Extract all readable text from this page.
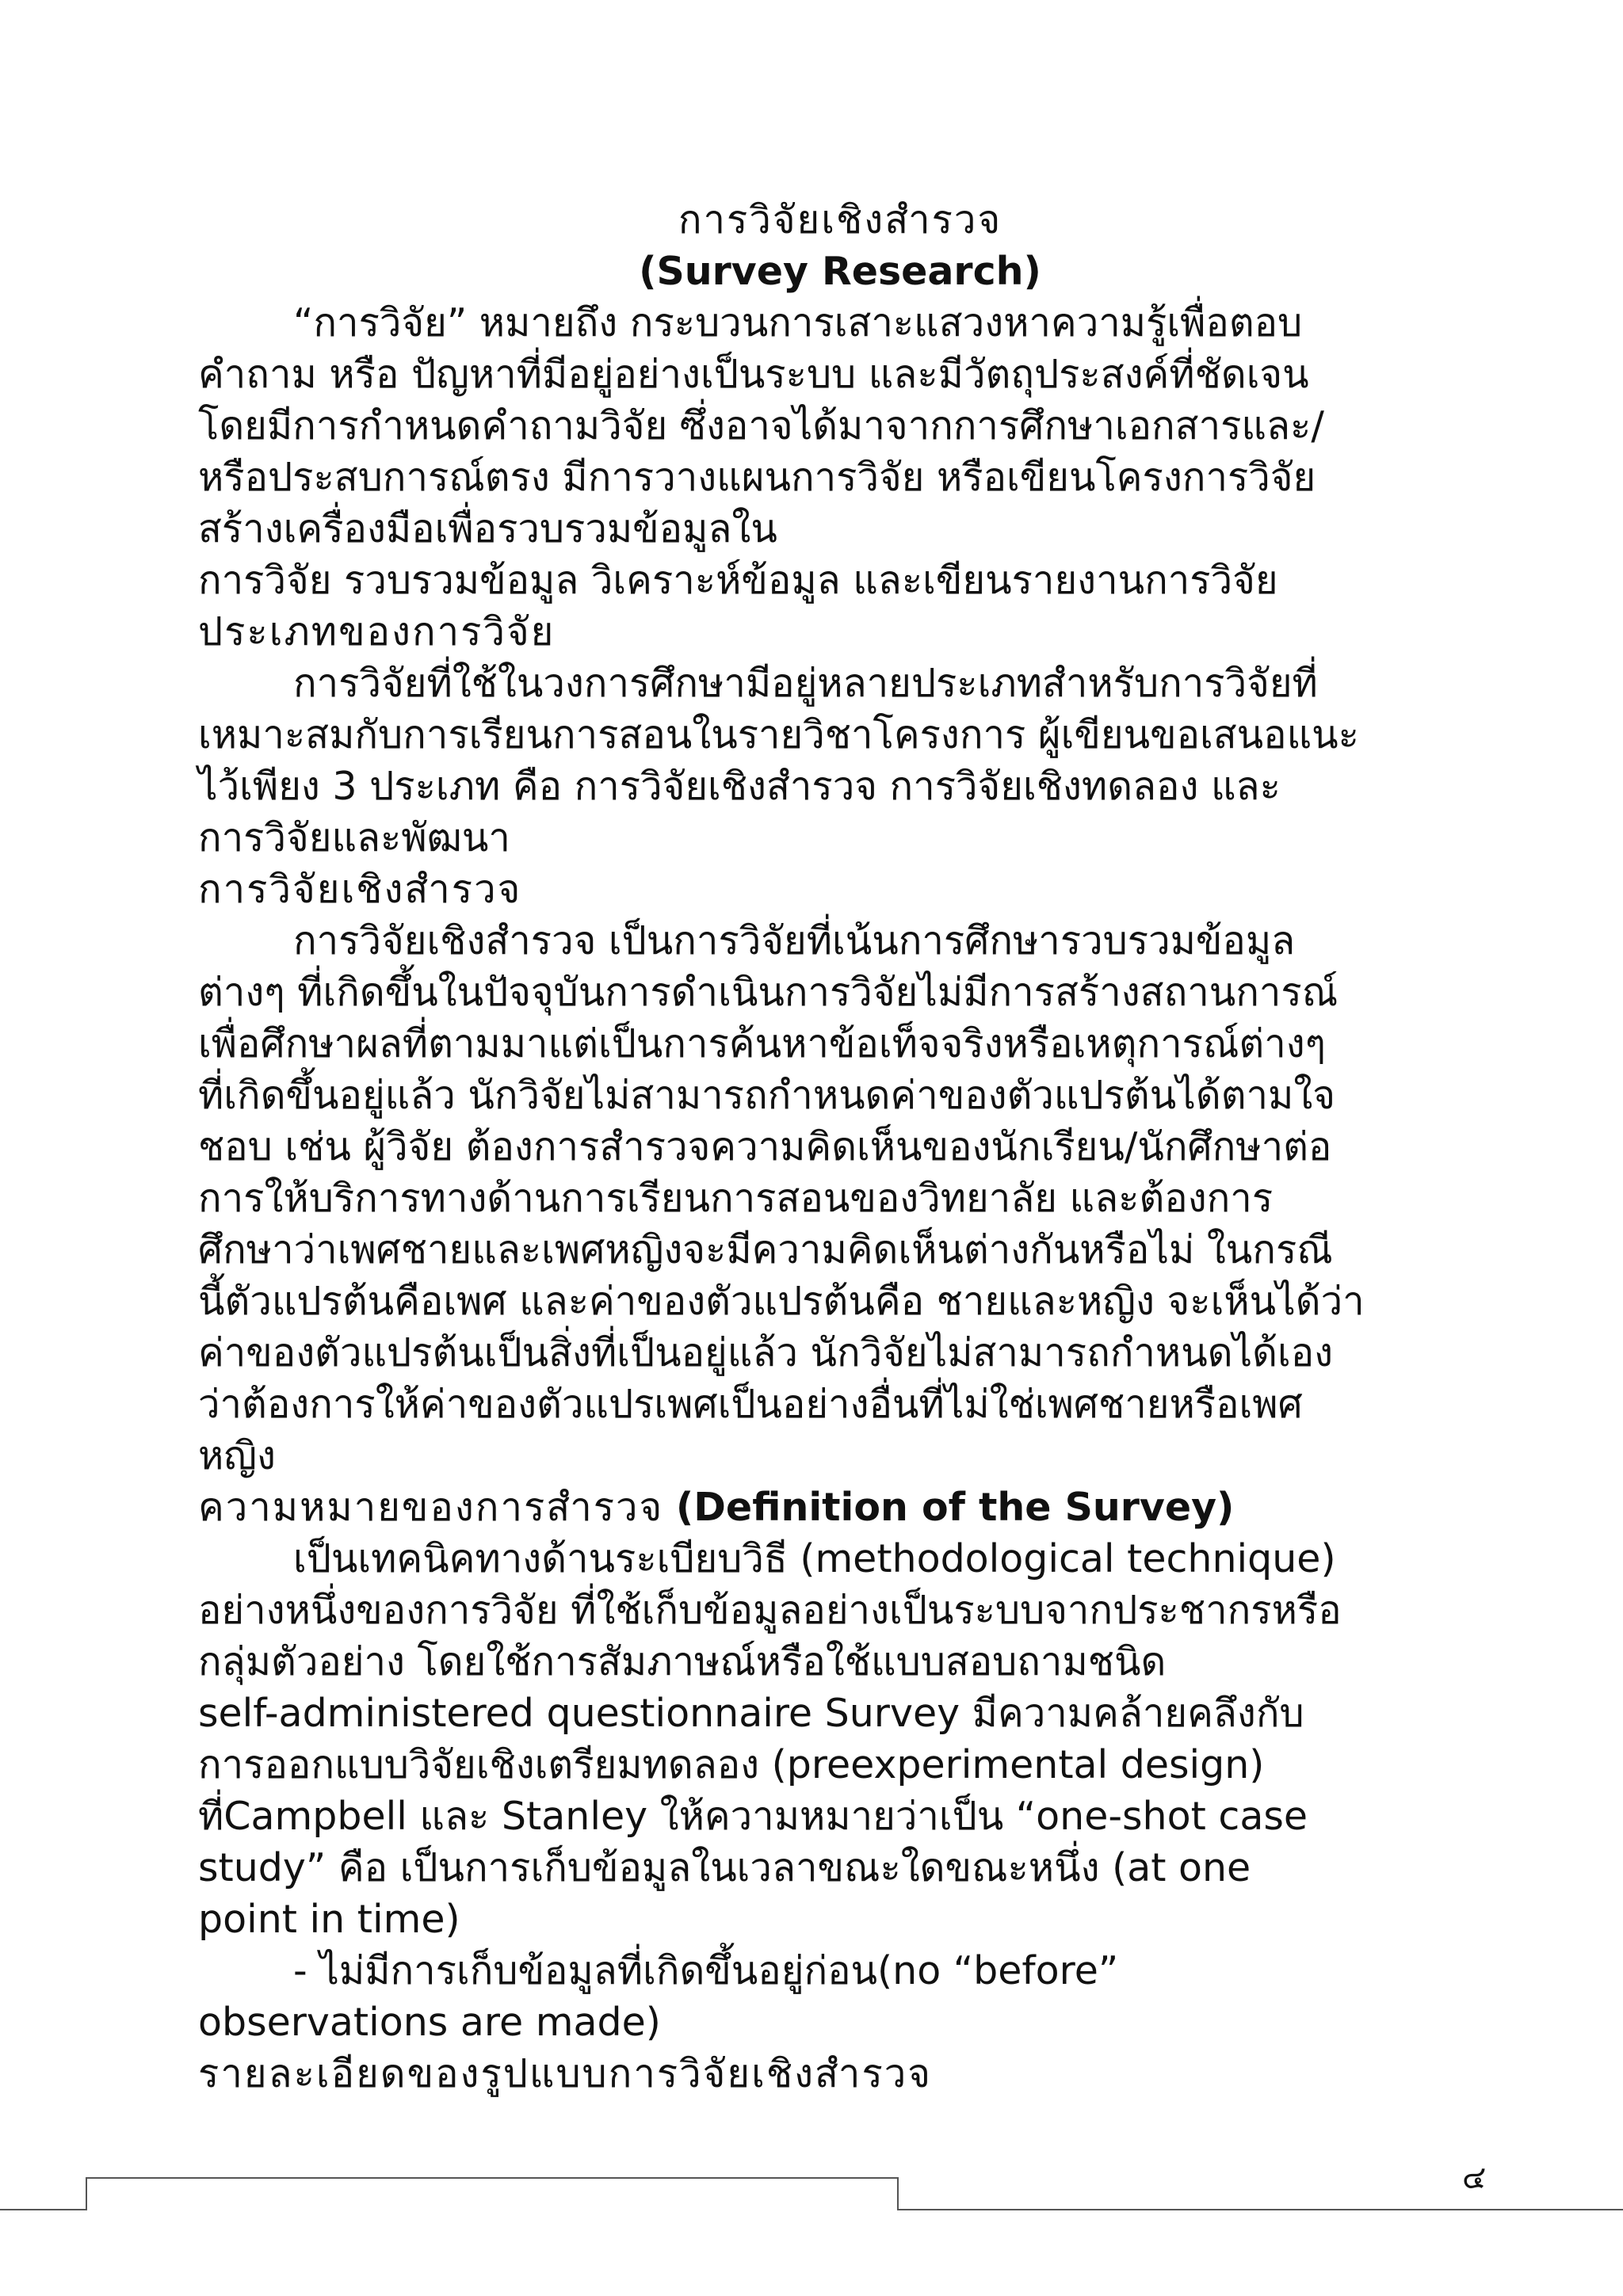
การวิจัยเชิงสำรวจ
(Survey Research)
“การวิจัย” หมายถึง กระบวนการเสาะแสวงหาความรู้เพื่อตอบ
คำถาม หรือ ปัญหาที่มีอยู่อย่างเป็นระบบ และมีวัตถุประสงค์ที่ชัดเจน
โดยมีการกำหนดคำถามวิจัย ซึ่งอาจได้มาจากการศึกษาเอกสารและ/
หรือประสบการณ์ตรง มีการวางแผนการวิจัย หรือเขียนโครงการวิจัย
สร้างเครื่องมือเพื่อรวบรวมข้อมูลใน
การวิจัย รวบรวมข้อมูล วิเคราะห์ข้อมูล และเขียนรายงานการวิจัย
ประเภทของการวิจัย
การวิจัยที่ใช้ในวงการศึกษามีอยู่หลายประเภทสำหรับการวิจัยที่
เหมาะสมกับการเรียนการสอนในรายวิชาโครงการ ผู้เขียนขอเสนอแนะ
ไว้เพียง 3 ประเภท คือ การวิจัยเชิงสำรวจ การวิจัยเชิงทดลอง และ
การวิจัยและพัฒนา
การวิจัยเชิงสำรวจ
การวิจัยเชิงสำรวจ เป็นการวิจัยที่เน้นการศึกษารวบรวมข้อมูล
ต่างๆ ที่เกิดขึ้นในปัจจุบันการดำเนินการวิจัยไม่มีการสร้างสถานการณ์
เพื่อศึกษาผลที่ตามมาแต่เป็นการค้นหาข้อเท็จจริงหรือเหตุการณ์ต่างๆ
ที่เกิดขึ้นอยู่แล้ว นักวิจัยไม่สามารถกำหนดค่าของตัวแปรต้นได้ตามใจ
ชอบ เช่น ผู้วิจัย ต้องการสำรวจความคิดเห็นของนักเรียน/นักศึกษาต่อ
การให้บริการทางด้านการเรียนการสอนของวิทยาลัย และต้องการ
ศึกษาว่าเพศชายและเพศหญิงจะมีความคิดเห็นต่างกันหรือไม่ ในกรณี
นี้ตัวแปรต้นคือเพศ และค่าของตัวแปรต้นคือ ชายและหญิง จะเห็นได้ว่า
ค่าของตัวแปรต้นเป็นสิ่งที่เป็นอยู่แล้ว นักวิจัยไม่สามารถกำหนดได้เอง
ว่าต้องการให้ค่าของตัวแปรเพศเป็นอย่างอื่นที่ไม่ใช่เพศชายหรือเพศ
หญิง
ความหมายของการสำรวจ (Definition of the Survey)
เป็นเทคนิคทางด้านระเบียบวิธี (methodological technique)
อย่างหนึ่งของการวิจัย ที่ใช้เก็บข้อมูลอย่างเป็นระบบจากประชากรหรือ
กลุ่มตัวอย่าง โดยใช้การสัมภาษณ์หรือใช้แบบสอบถามชนิด
self-administered questionnaire Survey มีความคล้ายคลึงกับ
การออกแบบวิจัยเชิงเตรียมทดลอง (preexperimental design)
ที่Campbell และ Stanley ให้ความหมายว่าเป็น “one-shot case
study” คือ เป็นการเก็บข้อมูลในเวลาขณะใดขณะหนึ่ง (at one
point in time)
- ไม่มีการเก็บข้อมูลที่เกิดขึ้นอยู่ก่อน(no “before”
observations are made)
รายละเอียดของรูปแบบการวิจัยเชิงสำรวจ
๔
